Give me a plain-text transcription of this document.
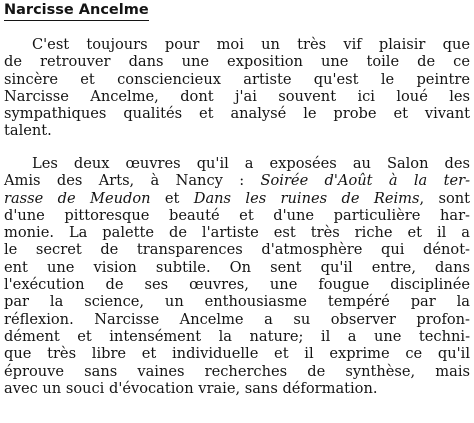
Narcisse Ancelme
C'est toujours pour moi un très vif plaisir que
de retrouver dans une exposition une toile de ce
sincère et consciencieux artiste qu'est le peintre
Narcisse Ancelme, dont j'ai souvent ici loué les
sympathiques qualités et analysé le probe et vivant
talent.
Les deux œuvres qu'il a exposées au Salon des
Amis des Arts, à Nancy : Soirée d'Août à la ter-
rasse de Meudon et Dans les ruines de Reims, sont
d'une pittoresque beauté et d'une particulière har-
monie. La palette de l'artiste est très riche et il a
le secret de transparences d'atmosphère qui dénot-
ent une vision subtile. On sent qu'il entre, dans
l'exécution de ses œuvres, une fougue disciplinée
par la science, un enthousiasme tempéré par la
réflexion. Narcisse Ancelme a su observer profon-
dément et intensément la nature; il a une techni-
que très libre et individuelle et il exprime ce qu'il
éprouve sans vaines recherches de synthèse, mais
avec un souci d'évocation vraie, sans déformation.
